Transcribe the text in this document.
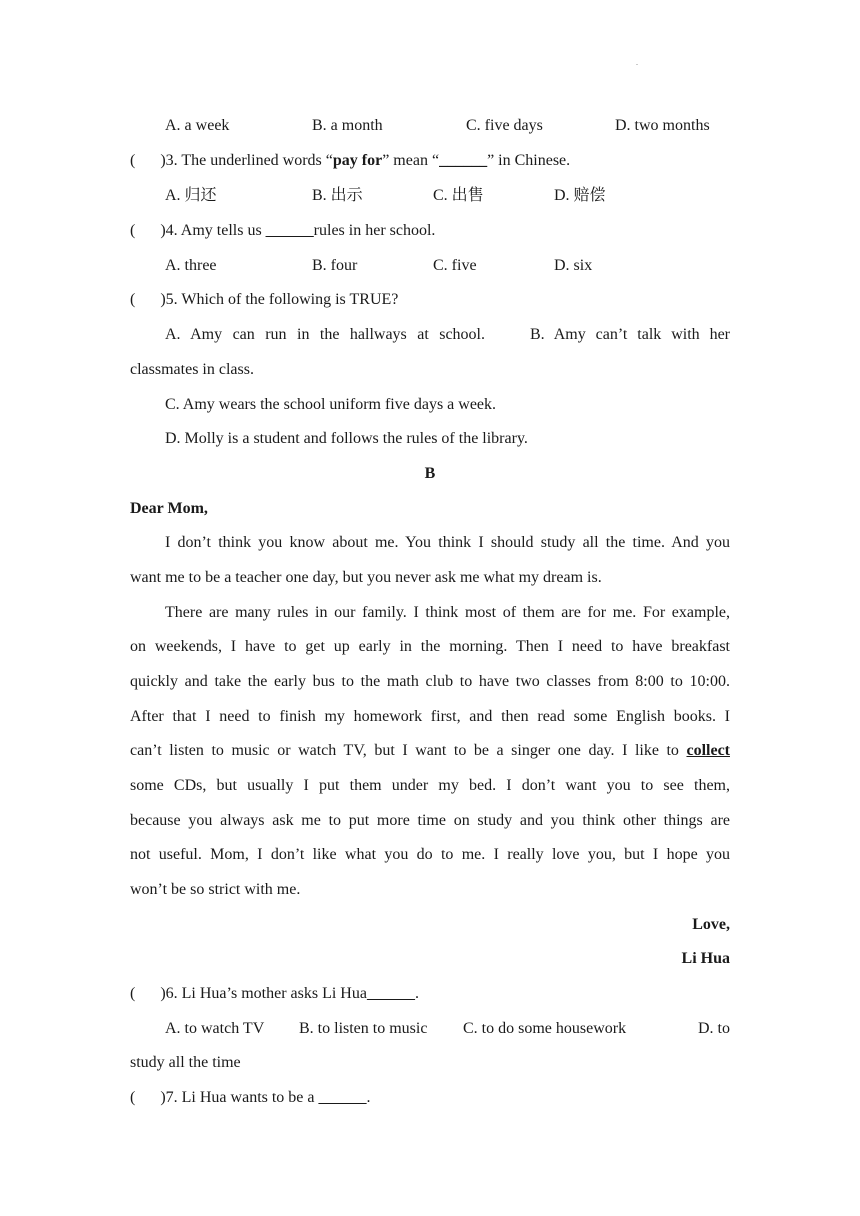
.
A. a week	B. a month	C. five days	D. two months
( )3. The underlined words “pay for” mean “______” in Chinese.
A. 归还	B. 出示	C. 出售	D. 赔偿
( )4. Amy tells us ______rules in her school.
A. three	B. four	C. five	D. six
( )5. Which of the following is TRUE?
A. Amy can run in the hallways at school.	B. Amy can’t talk with her
classmates in class.
C. Amy wears the school uniform five days a week.
D. Molly is a student and follows the rules of the library.
B
Dear Mom,
I don’t think you know about me. You think I should study all the time. And you
want me to be a teacher one day, but you never ask me what my dream is.
There are many rules in our family. I think most of them are for me. For example,
on weekends, I have to get up early in the morning. Then I need to have breakfast
quickly and take the early bus to the math club to have two classes from 8:00 to 10:00.
After that I need to finish my homework first, and then read some English books. I
can’t listen to music or watch TV, but I want to be a singer one day. I like to collect
some CDs, but usually I put them under my bed. I don’t want you to see them,
because you always ask me to put more time on study and you think other things are
not useful. Mom, I don’t like what you do to me. I really love you, but I hope you
won’t be so strict with me.
Love,
Li Hua
( )6. Li Hua’s mother asks Li Hua______.
A. to watch TV B. to listen to music C. to do some housework	D. to
study all the time
( )7. Li Hua wants to be a ______.
